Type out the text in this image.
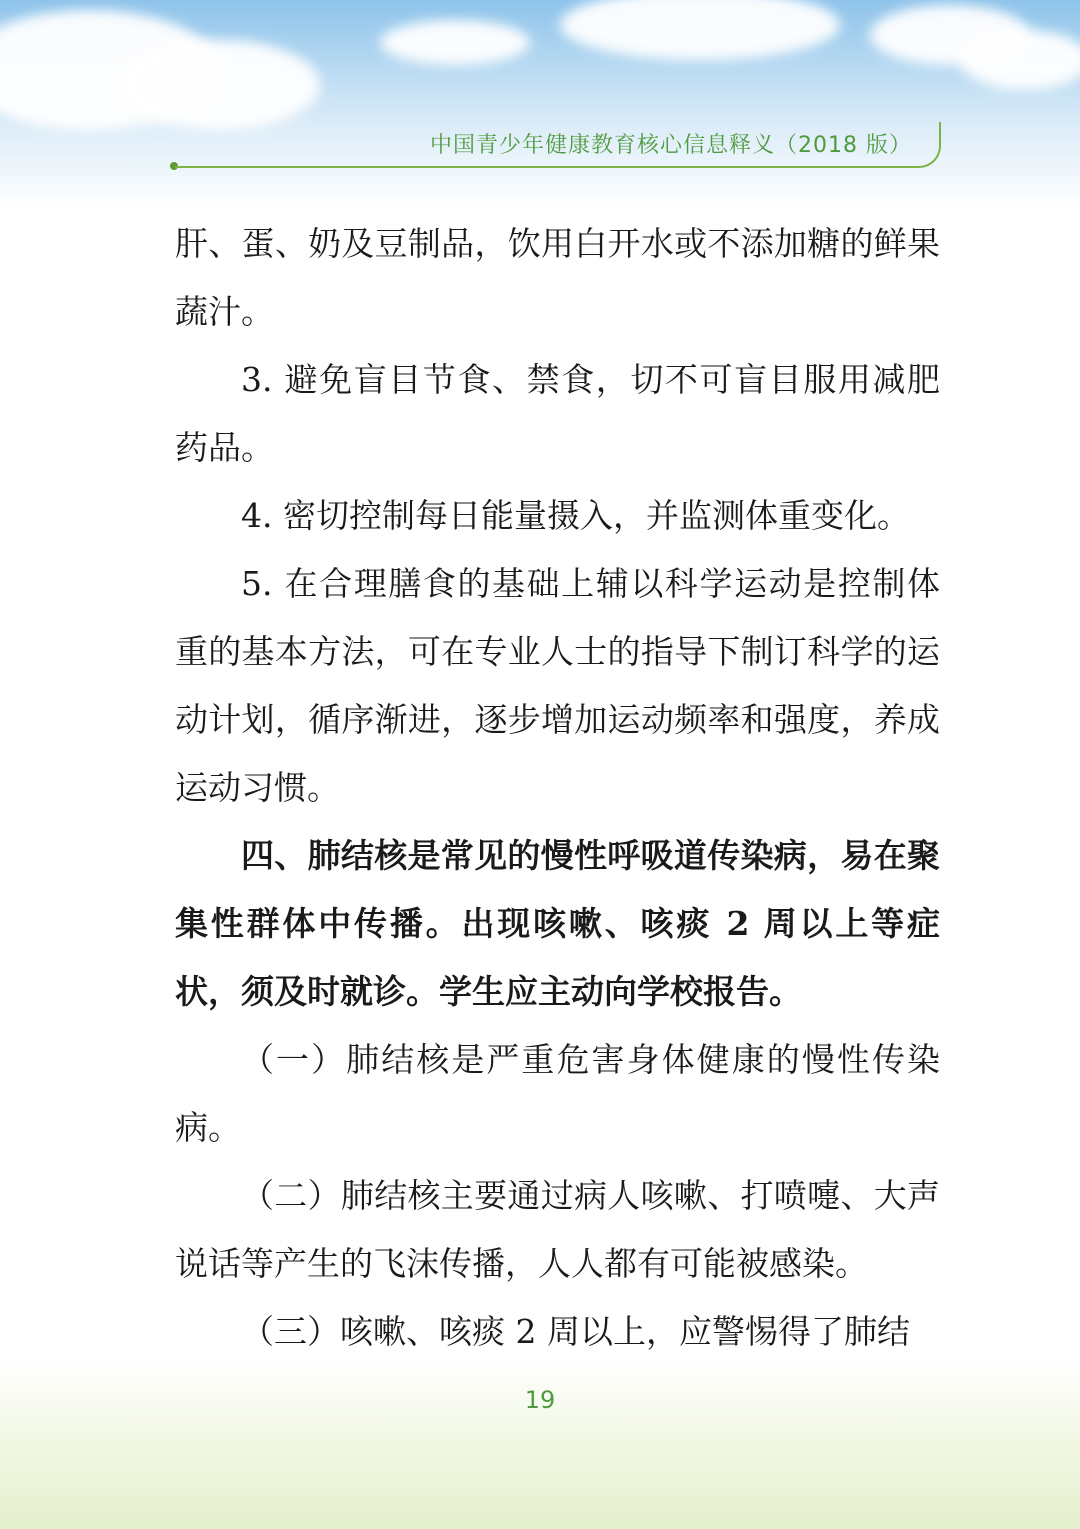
中国青少年健康教育核心信息释义（2018 版）

肝、蛋、奶及豆制品，饮用白开水或不添加糖的鲜果蔬汁。

3. 避免盲目节食、禁食，切不可盲目服用减肥药品。

4. 密切控制每日能量摄入，并监测体重变化。

5. 在合理膳食的基础上辅以科学运动是控制体重的基本方法，可在专业人士的指导下制订科学的运动计划，循序渐进，逐步增加运动频率和强度，养成运动习惯。

四、肺结核是常见的慢性呼吸道传染病，易在聚集性群体中传播。出现咳嗽、咳痰 2 周以上等症状，须及时就诊。学生应主动向学校报告。

（一）肺结核是严重危害身体健康的慢性传染病。

（二）肺结核主要通过病人咳嗽、打喷嚏、大声说话等产生的飞沫传播，人人都有可能被感染。

（三）咳嗽、咳痰 2 周以上，应警惕得了肺结

19
